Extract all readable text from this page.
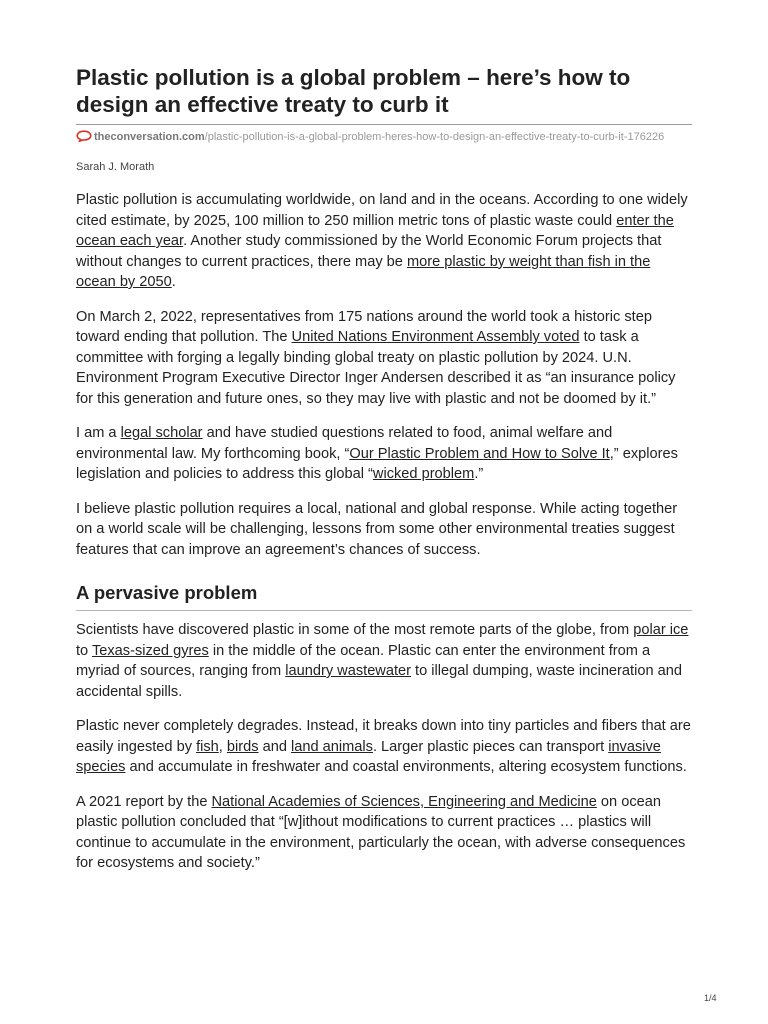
Plastic pollution is a global problem – here’s how to design an effective treaty to curb it
theconversation.com/plastic-pollution-is-a-global-problem-heres-how-to-design-an-effective-treaty-to-curb-it-176226
Sarah J. Morath

Plastic pollution is accumulating worldwide, on land and in the oceans. According to one widely cited estimate, by 2025, 100 million to 250 million metric tons of plastic waste could enter the ocean each year. Another study commissioned by the World Economic Forum projects that without changes to current practices, there may be more plastic by weight than fish in the ocean by 2050.

On March 2, 2022, representatives from 175 nations around the world took a historic step toward ending that pollution. The United Nations Environment Assembly voted to task a committee with forging a legally binding global treaty on plastic pollution by 2024. U.N. Environment Program Executive Director Inger Andersen described it as “an insurance policy for this generation and future ones, so they may live with plastic and not be doomed by it.”

I am a legal scholar and have studied questions related to food, animal welfare and environmental law. My forthcoming book, “Our Plastic Problem and How to Solve It,” explores legislation and policies to address this global “wicked problem.”

I believe plastic pollution requires a local, national and global response. While acting together on a world scale will be challenging, lessons from some other environmental treaties suggest features that can improve an agreement’s chances of success.

A pervasive problem

Scientists have discovered plastic in some of the most remote parts of the globe, from polar ice to Texas-sized gyres in the middle of the ocean. Plastic can enter the environment from a myriad of sources, ranging from laundry wastewater to illegal dumping, waste incineration and accidental spills.

Plastic never completely degrades. Instead, it breaks down into tiny particles and fibers that are easily ingested by fish, birds and land animals. Larger plastic pieces can transport invasive species and accumulate in freshwater and coastal environments, altering ecosystem functions.

A 2021 report by the National Academies of Sciences, Engineering and Medicine on ocean plastic pollution concluded that “[w]ithout modifications to current practices … plastics will continue to accumulate in the environment, particularly the ocean, with adverse consequences for ecosystems and society.”

1/4
